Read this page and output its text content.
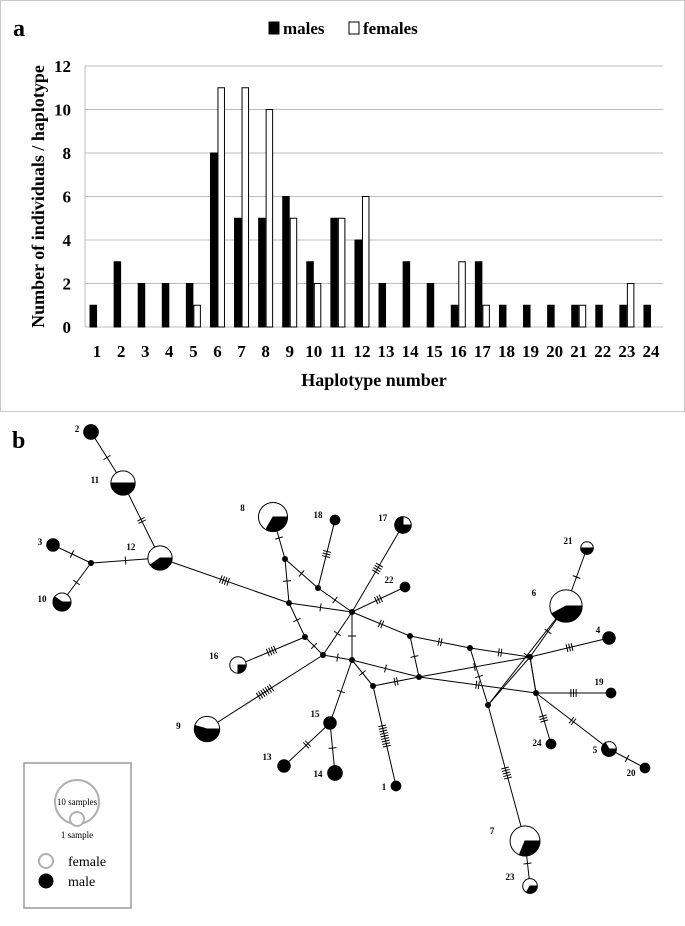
a
0
2
4
6
8
10
12
1 2 3 4 5 6 7 8 9 10 11 12 13 14 15 16 17 18 19 20 21 22 23 24
Haplotype number
Number of individuals / haplotype
males females
b
1
2
3
4
5
6
7
8
9
10
11
12
13
14
15
16
17
18
19
20
21
22
23
24
10 samples
1 sample
female
male
